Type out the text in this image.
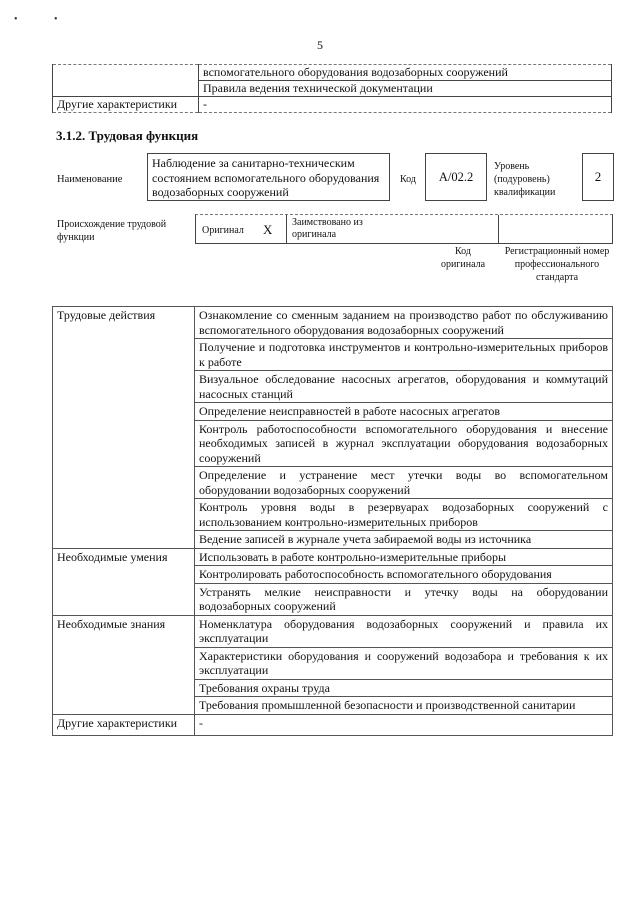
•	•
5
	вспомогательного оборудования водозаборных сооружений
	Правила ведения технической документации
Другие характеристики	-
3.1.2. Трудовая функция
Наименование
Наблюдение за санитарно-техническим состоянием вспомогательного оборудования водозаборных сооружений
Код A/02.2
Уровень (подуровень) квалификации
2
Происхождение трудовой функции
Оригинал X Заимствовано из оригинала
Код оригинала
Регистрационный номер профессионального стандарта
Трудовые действия	Ознакомление со сменным заданием на производство работ по обслуживанию вспомогательного оборудования водозаборных сооружений
	Получение и подготовка инструментов и контрольно-измерительных приборов к работе
	Визуальное обследование насосных агрегатов, оборудования и коммутаций насосных станций
	Определение неисправностей в работе насосных агрегатов
	Контроль работоспособности вспомогательного оборудования и внесение необходимых записей в журнал эксплуатации оборудования водозаборных сооружений
	Определение и устранение мест утечки воды во вспомогательном оборудовании водозаборных сооружений
	Контроль уровня воды в резервуарах водозаборных сооружений с использованием контрольно-измерительных приборов
	Ведение записей в журнале учета забираемой воды из источника
Необходимые умения	Использовать в работе контрольно-измерительные приборы
	Контролировать работоспособность вспомогательного оборудования
	Устранять мелкие неисправности и утечку воды на оборудовании водозаборных сооружений
Необходимые знания	Номенклатура оборудования водозаборных сооружений и правила их эксплуатации
	Характеристики оборудования и сооружений водозабора и требования к их эксплуатации
	Требования охраны труда
	Требования промышленной безопасности и производственной санитарии
Другие характеристики	-
